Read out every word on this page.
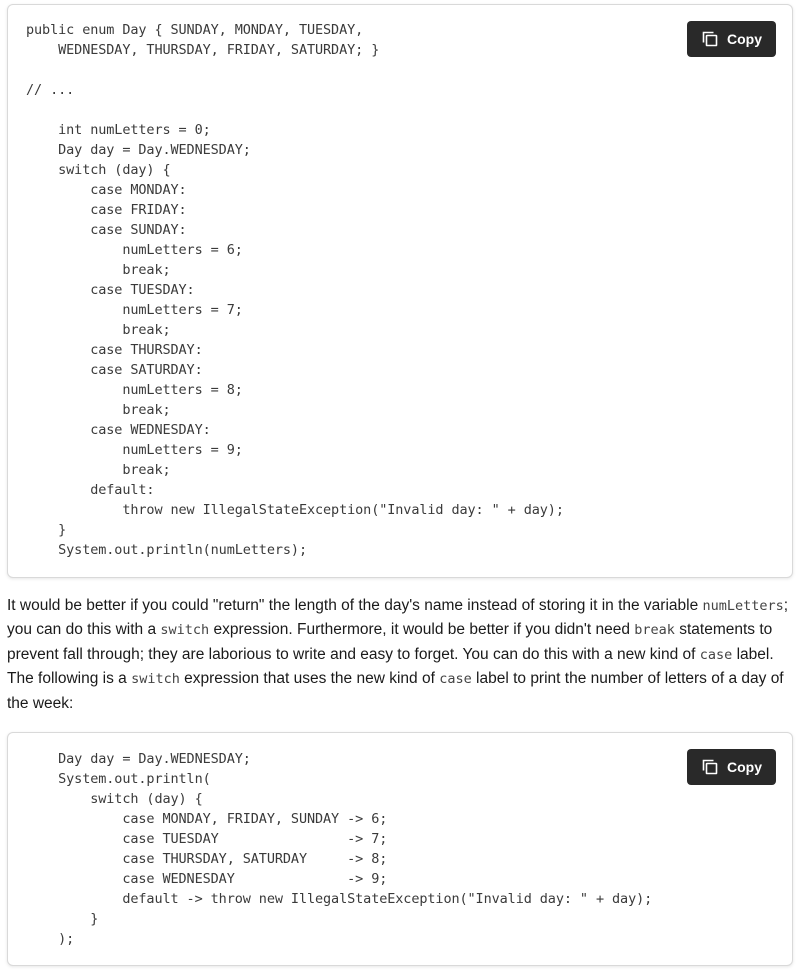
public enum Day { SUNDAY, MONDAY, TUESDAY,
WEDNESDAY, THURSDAY, FRIDAY, SATURDAY; }

// ...

int numLetters = 0;
Day day = Day.WEDNESDAY;
switch (day) {
case MONDAY:
case FRIDAY:
case SUNDAY:
numLetters = 6;
break;
case TUESDAY:
numLetters = 7;
break;
case THURSDAY:
case SATURDAY:
numLetters = 8;
break;
case WEDNESDAY:
numLetters = 9;
break;
default:
throw new IllegalStateException("Invalid day: " + day);
}
System.out.println(numLetters);
Copy

It would be better if you could "return" the length of the day's name instead of storing it in the variable numLetters; you can do this with a switch expression. Furthermore, it would be better if you didn't need break statements to prevent fall through; they are laborious to write and easy to forget. You can do this with a new kind of case label. The following is a switch expression that uses the new kind of case label to print the number of letters of a day of the week:

Day day = Day.WEDNESDAY;
System.out.println(
switch (day) {
case MONDAY, FRIDAY, SUNDAY -> 6;
case TUESDAY                -> 7;
case THURSDAY, SATURDAY     -> 8;
case WEDNESDAY              -> 9;
default -> throw new IllegalStateException("Invalid day: " + day);
}
);
Copy
